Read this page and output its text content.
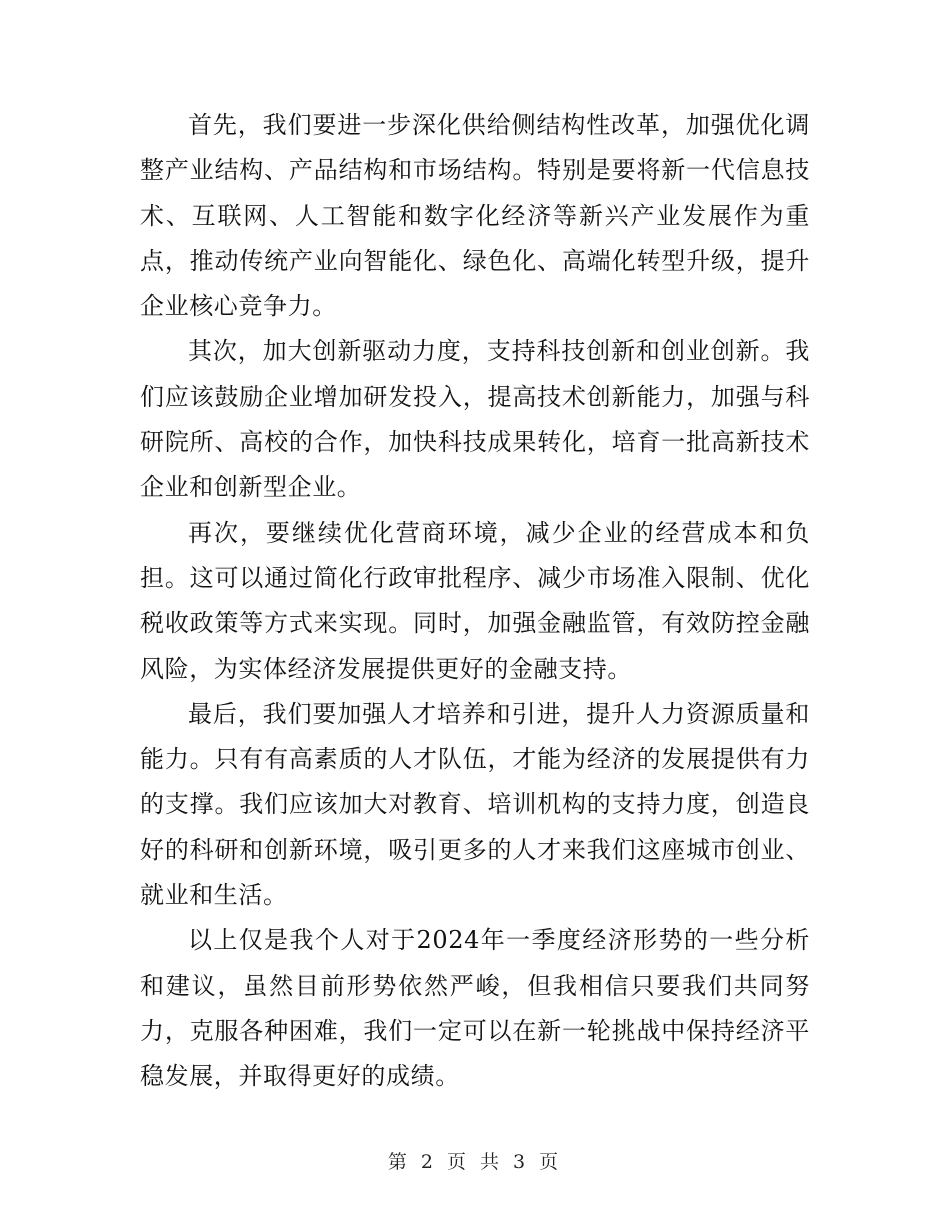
首先，我们要进一步深化供给侧结构性改革，加强优化调整产业结构、产品结构和市场结构。特别是要将新一代信息技术、互联网、人工智能和数字化经济等新兴产业发展作为重点，推动传统产业向智能化、绿色化、高端化转型升级，提升企业核心竞争力。

其次，加大创新驱动力度，支持科技创新和创业创新。我们应该鼓励企业增加研发投入，提高技术创新能力，加强与科研院所、高校的合作，加快科技成果转化，培育一批高新技术企业和创新型企业。

再次，要继续优化营商环境，减少企业的经营成本和负担。这可以通过简化行政审批程序、减少市场准入限制、优化税收政策等方式来实现。同时，加强金融监管，有效防控金融风险，为实体经济发展提供更好的金融支持。

最后，我们要加强人才培养和引进，提升人力资源质量和能力。只有有高素质的人才队伍，才能为经济的发展提供有力的支撑。我们应该加大对教育、培训机构的支持力度，创造良好的科研和创新环境，吸引更多的人才来我们这座城市创业、就业和生活。

以上仅是我个人对于2024年一季度经济形势的一些分析和建议，虽然目前形势依然严峻，但我相信只要我们共同努力，克服各种困难，我们一定可以在新一轮挑战中保持经济平稳发展，并取得更好的成绩。

第 2 页 共 3 页
